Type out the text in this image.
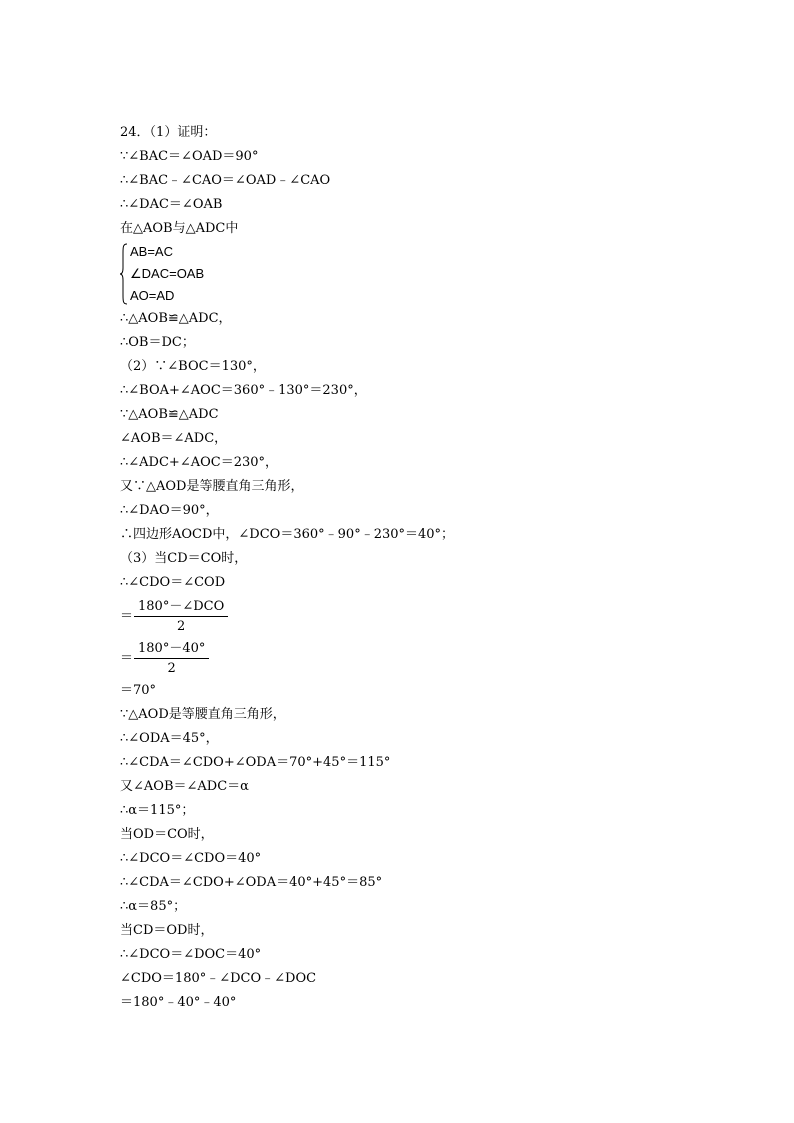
24．（1）证明：
∵∠BAC＝∠OAD＝90°
∴∠BAC﹣∠CAO＝∠OAD﹣∠CAO
∴∠DAC＝∠OAB
在△AOB与△ADC中
AB=AC
∠DAC=OAB
AO=AD
∴△AOB≌△ADC，
∴OB＝DC；
（2）∵∠BOC＝130°，
∴∠BOA+∠AOC＝360°﹣130°＝230°，
∵△AOB≌△ADC
∠AOB＝∠ADC，
∴∠ADC+∠AOC＝230°，
又∵△AOD是等腰直角三角形，
∴∠DAO＝90°，
∴四边形AOCD中，∠DCO＝360°﹣90°﹣230°＝40°；
（3）当CD＝CO时，
∴∠CDO＝∠COD
＝ $\frac{\text{180°－∠DCO}}{2}$
＝ $\frac{180^\circ-40^\circ}{2}$
＝70°
∵△AOD是等腰直角三角形，
∴∠ODA＝45°，
∴∠CDA＝∠CDO+∠ODA＝70°+45°＝115°
又∠AOB＝∠ADC＝α
∴α＝115°；
当OD＝CO时，
∴∠DCO＝∠CDO＝40°
∴∠CDA＝∠CDO+∠ODA＝40°+45°＝85°
∴α＝85°；
当CD＝OD时，
∴∠DCO＝∠DOC＝40°
∠CDO＝180°﹣∠DCO﹣∠DOC
＝180°﹣40°﹣40°
